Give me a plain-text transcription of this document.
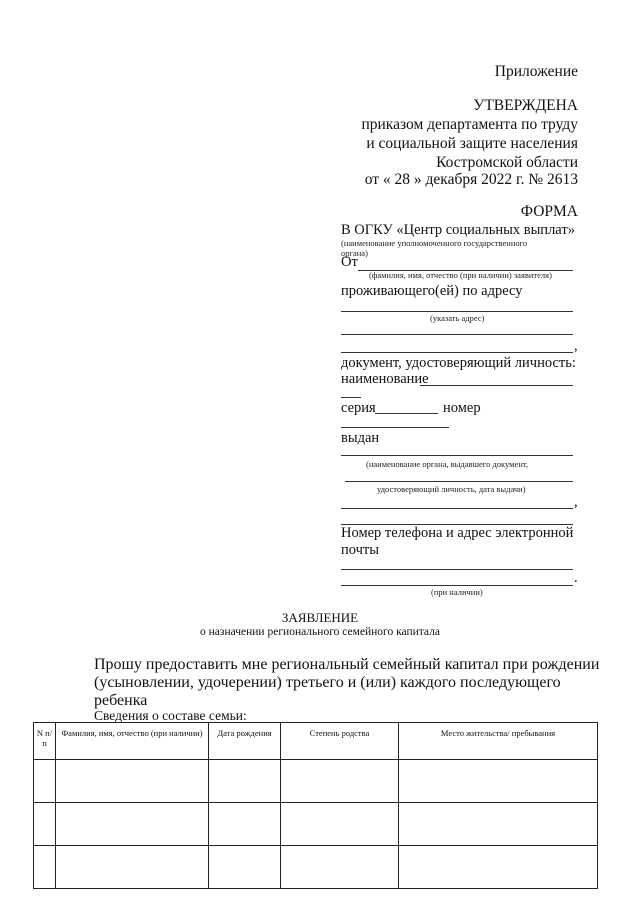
Приложение
УТВЕРЖДЕНА
приказом департамента по труду
и социальной защите населения
Костромской области
от « 28 » декабря 2022 г. № 2613
ФОРМА
В ОГКУ «Центр социальных выплат»
(наименование уполномоченного государственного
органа)
От
(фамилия, имя, отчество (при наличии) заявителя)
проживающего(ей) по адресу
(указать адрес)
,
документ, удостоверяющий личность:
наименование
серия	номер
выдан
(наименование органа, выдавшего документ,
удостоверяющий личность, дата выдачи)
,
Номер телефона и адрес электронной
почты
.
(при наличии)
ЗАЯВЛЕНИЕ
о назначении регионального семейного капитала
Прошу предоставить мне региональный семейный капитал при рождении
(усыновлении, удочерении) третьего и (или) каждого последующего
ребенка
Сведения о составе семьи:
N п/п	Фамилия, имя, отчество (при наличии)	Дата рождения	Степень родства	Место жительства/ пребывания
